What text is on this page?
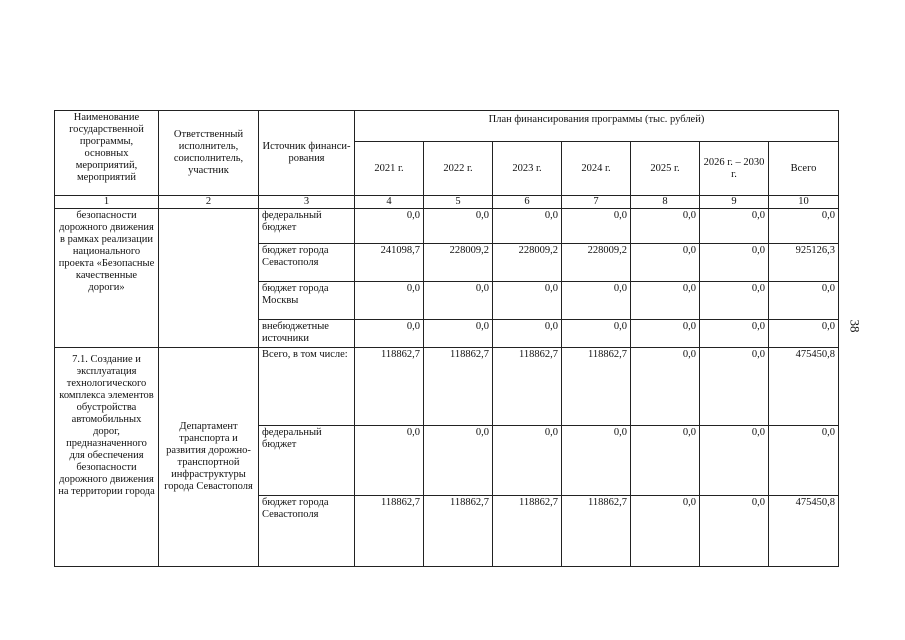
Наименование государственной программы, основных мероприятий, мероприятий	Ответственный исполнитель, соисполнитель, участник	Источник финанси-рования	План финансирования программы (тыс. рублей)						
			2021 г.	2022 г.	2023 г.	2024 г.	2025 г.	2026 г. – 2030 г.	Всего
1	2	3	4	5	6	7	8	9	10
безопасности дорожного движения в рамках реализации национального проекта «Безопасные качественные дороги»		федеральный бюджет	0,0	0,0	0,0	0,0	0,0	0,0	0,0
		бюджет города Севастополя	241098,7	228009,2	228009,2	228009,2	0,0	0,0	925126,3
		бюджет города Москвы	0,0	0,0	0,0	0,0	0,0	0,0	0,0
		внебюджетные источники	0,0	0,0	0,0	0,0	0,0	0,0	0,0
7.1. Создание и эксплуатация технологического комплекса элементов обустройства автомобильных дорог, предназначенного для обеспечения безопасности дорожного движения на территории города	Департамент транспорта и развития дорожно-транспортной инфраструктуры города Севастополя	Всего, в том числе:	118862,7	118862,7	118862,7	118862,7	0,0	0,0	475450,8
		федеральный бюджет	0,0	0,0	0,0	0,0	0,0	0,0	0,0
		бюджет города Севастополя	118862,7	118862,7	118862,7	118862,7	0,0	0,0	475450,8
38
